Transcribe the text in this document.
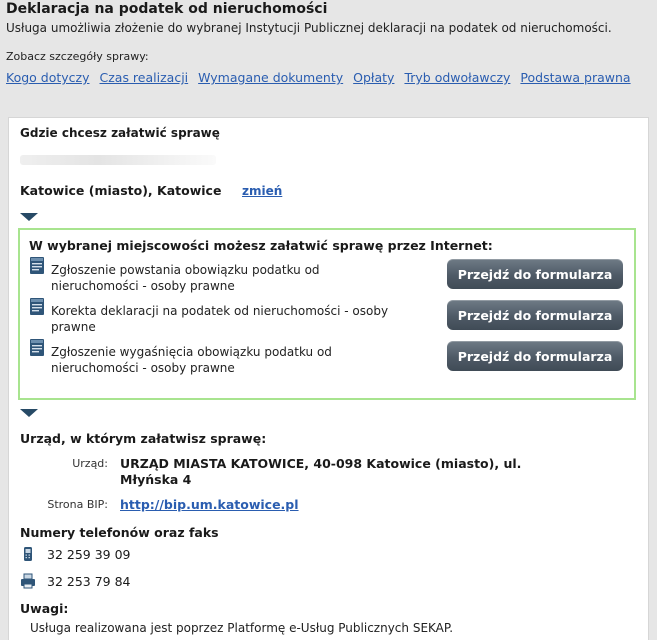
Deklaracja na podatek od nieruchomości
Usługa umożliwia złożenie do wybranej Instytucji Publicznej deklaracji na podatek od nieruchomości.
Zobacz szczegóły sprawy:
Kogo dotyczy Czas realizacji Wymagane dokumenty Opłaty Tryb odwoławczy Podstawa prawna
Gdzie chcesz załatwić sprawę
Katowice (miasto), Katowice	zmień
W wybranej miejscowości możesz załatwić sprawę przez Internet:
Zgłoszenie powstania obowiązku podatku od nieruchomości - osoby prawne
Przejdź do formularza
Korekta deklaracji na podatek od nieruchomości - osoby prawne
Przejdź do formularza
Zgłoszenie wygaśnięcia obowiązku podatku od nieruchomości - osoby prawne
Przejdź do formularza
Urząd, w którym załatwisz sprawę:
Urząd: URZĄD MIASTA KATOWICE, 40-098 Katowice (miasto), ul. Młyńska 4
Strona BIP: http://bip.um.katowice.pl
Numery telefonów oraz faks
32 259 39 09
32 253 79 84
Uwagi:
Usługa realizowana jest poprzez Platformę e-Usług Publicznych SEKAP.
